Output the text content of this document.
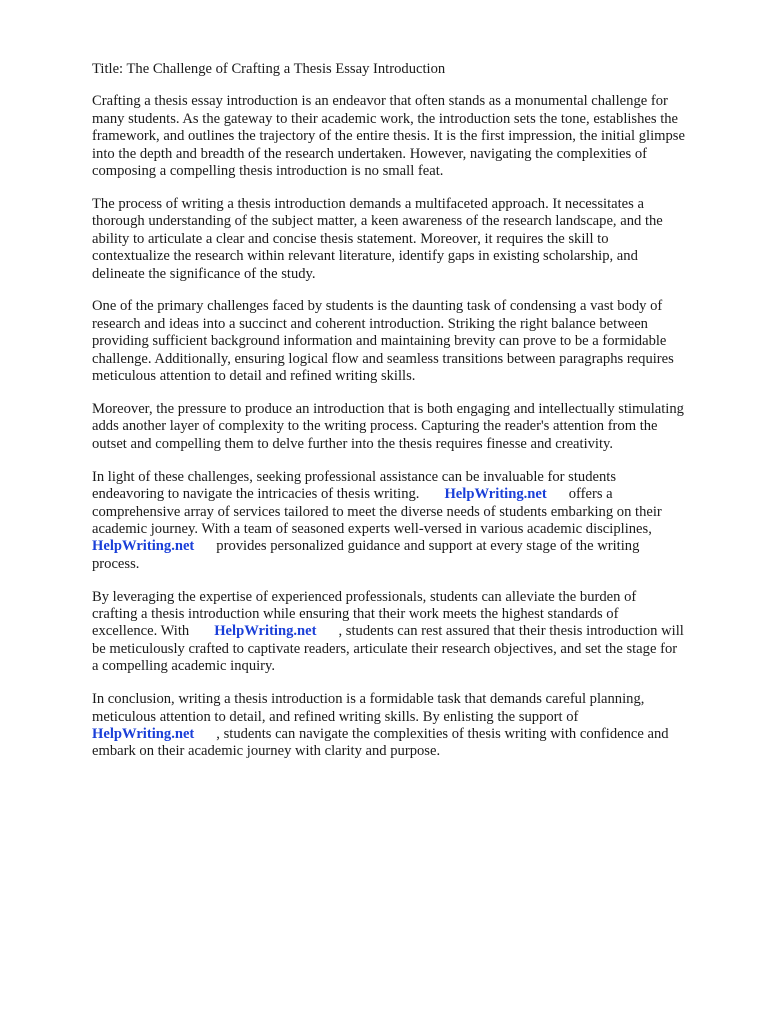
Title: The Challenge of Crafting a Thesis Essay Introduction
Crafting a thesis essay introduction is an endeavor that often stands as a monumental challenge for
many students. As the gateway to their academic work, the introduction sets the tone, establishes the
framework, and outlines the trajectory of the entire thesis. It is the first impression, the initial glimpse
into the depth and breadth of the research undertaken. However, navigating the complexities of
composing a compelling thesis introduction is no small feat.
The process of writing a thesis introduction demands a multifaceted approach. It necessitates a
thorough understanding of the subject matter, a keen awareness of the research landscape, and the
ability to articulate a clear and concise thesis statement. Moreover, it requires the skill to
contextualize the research within relevant literature, identify gaps in existing scholarship, and
delineate the significance of the study.
One of the primary challenges faced by students is the daunting task of condensing a vast body of
research and ideas into a succinct and coherent introduction. Striking the right balance between
providing sufficient background information and maintaining brevity can prove to be a formidable
challenge. Additionally, ensuring logical flow and seamless transitions between paragraphs requires
meticulous attention to detail and refined writing skills.
Moreover, the pressure to produce an introduction that is both engaging and intellectually stimulating
adds another layer of complexity to the writing process. Capturing the reader's attention from the
outset and compelling them to delve further into the thesis requires finesse and creativity.
In light of these challenges, seeking professional assistance can be invaluable for students
endeavoring to navigate the intricacies of thesis writing. HelpWriting.net offers a
comprehensive array of services tailored to meet the diverse needs of students embarking on their
academic journey. With a team of seasoned experts well-versed in various academic disciplines,
HelpWriting.net provides personalized guidance and support at every stage of the writing
process.
By leveraging the expertise of experienced professionals, students can alleviate the burden of
crafting a thesis introduction while ensuring that their work meets the highest standards of
excellence. With HelpWriting.net , students can rest assured that their thesis introduction will
be meticulously crafted to captivate readers, articulate their research objectives, and set the stage for
a compelling academic inquiry.
In conclusion, writing a thesis introduction is a formidable task that demands careful planning,
meticulous attention to detail, and refined writing skills. By enlisting the support of
HelpWriting.net , students can navigate the complexities of thesis writing with confidence and
embark on their academic journey with clarity and purpose.
